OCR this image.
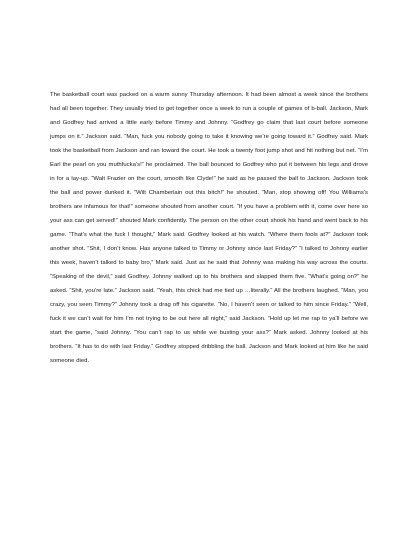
The basketball court was packed on a warm sunny Thursday afternoon. It had been almost a week since the brothers had all been together. They usually tried to get together once a week to run a couple of games of b-ball. Jackson, Mark and Godfrey had arrived a little early before Timmy and Johnny. “Godfrey go claim that last court before someone jumps on it.” Jackson said. “Man, fuck you nobody going to take it knowing we’re going toward it.” Godfrey said. Mark took the basketball from Jackson and ran toward the court. He took a twenty foot jump shot and hit nothing but net. “I’m Earl the pearl on you muthfucka’s!” he proclaimed. The ball bounced to Godfrey who put it between his legs and drove in for a lay-up. “Walt Frazier on the court, smooth like Clyde!” he said as he passed the ball to Jackson. Jackson took the ball and power dunked it. “Wilt Chamberlain out this bitch!” he shouted. “Man, stop showing off! You Williams’s brothers are infamous for that!” someone shouted from another court. “If you have a problem with it, come over here so your ass can get served!” shouted Mark confidently. The person on the other court shook his hand and went back to his game. “That’s what the fuck I thought,” Mark said. Godfrey looked at his watch. “Where them fools at?” Jackson took another shot. “Shit, I don’t know. Has anyone talked to Timmy or Johnny since last Friday?” “I talked to Johnny earlier this week, haven’t talked to baby bro,” Mark said. Just as he said that Johnny was making his way across the courts. “Speaking of the devil,” said Godfrey. Johnny walked up to his brothers and slapped them five. “What’s going on?” he asked. “Shit, you’re late.” Jackson said. “Yeah, this chick had me tied up …literally.” All the brothers laughed. “Man, you crazy, you seen Timmy?” Johnny took a drag off his cigarette. “No, I haven’t seen or talked to him since Friday.” “Well, fuck it we can’t wait for him I’m not trying to be out here all night,” said Jackson. “Hold up let me rap to ya’ll before we start the game, “said Johnny. “You can’t rap to us while we busting your ass?” Mark asked. Johnny looked at his brothers. “It has to do with last Friday.” Godfrey stopped dribbling the ball. Jackson and Mark looked at him like he said someone died.
